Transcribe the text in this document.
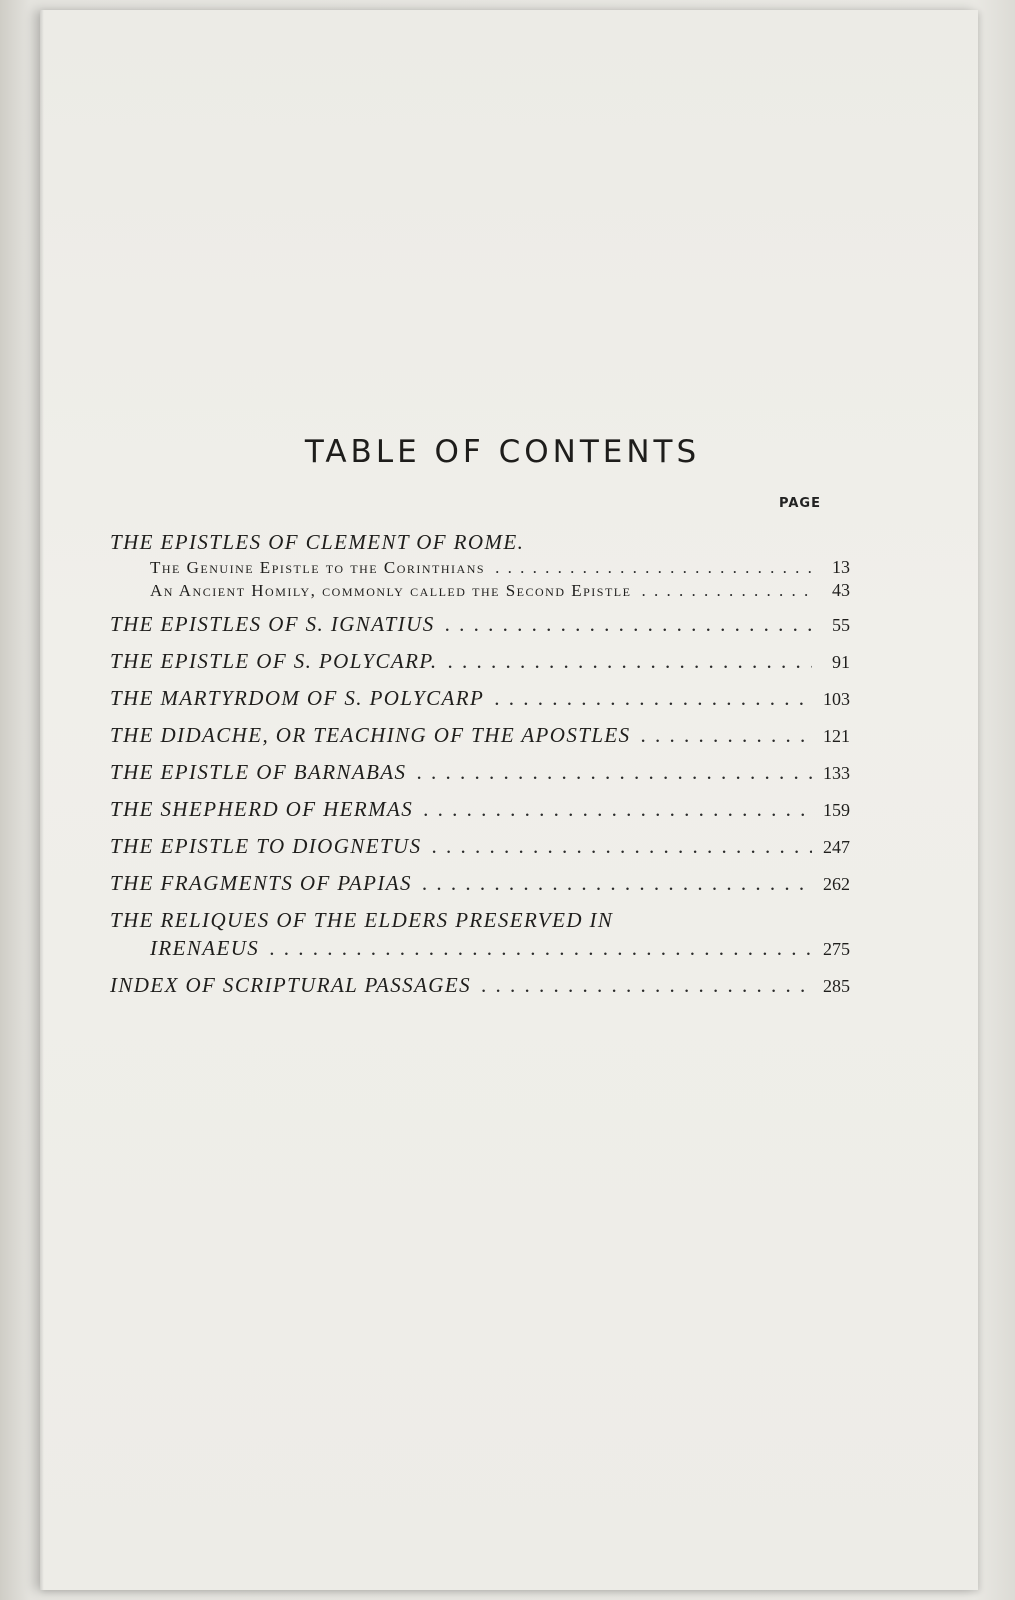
TABLE OF CONTENTS
PAGE
THE EPISTLES OF CLEMENT OF ROME.
The Genuine Epistle to the Corinthians . . .	13
An Ancient Homily, commonly called the Second Epistle . . .	43
THE EPISTLES OF S. IGNATIUS . . .	55
THE EPISTLE OF S. POLYCARP. . . .	91
THE MARTYRDOM OF S. POLYCARP . . .	103
THE DIDACHE, OR TEACHING OF THE APOSTLES . . .	121
THE EPISTLE OF BARNABAS . . .	133
THE SHEPHERD OF HERMAS . . .	159
THE EPISTLE TO DIOGNETUS . . .	247
THE FRAGMENTS OF PAPIAS . . .	262
THE RELIQUES OF THE ELDERS PRESERVED IN
IRENAEUS . . .	275
INDEX OF SCRIPTURAL PASSAGES . . .	285
